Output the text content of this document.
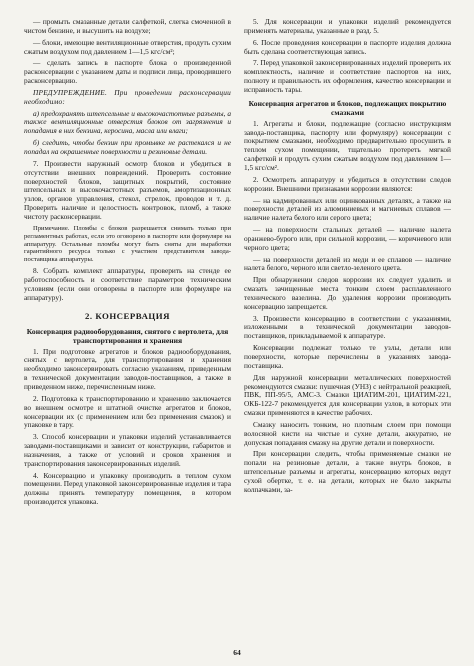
— промыть смазанные детали салфеткой, слегка смоченной в чистом бензине, и высушить на воздухе;

— блоки, имеющие вентиляционные отверстия, продуть сухим сжатым воздухом под давлением 1—1,5 кгс/см²;

— сделать запись в паспорте блока о произведенной расконсервации с указанием даты и подписи лица, проводившего расконсервацию.

ПРЕДУПРЕЖДЕНИЕ. При проведении расконсервации необходимо:

а) предохранять штепсельные и высокочастотные разъемы, а также вентиляционные отверстия блоков от загрязнения и попадания в них бензина, керосина, масла или влаги;

б) следить, чтобы бензин при промывке не растекался и не попадал на окрашенные поверхности и резиновые детали.

7. Произвести наружный осмотр блоков и убедиться в отсутствии внешних повреждений. Проверить состояние поверхностей блоков, защитных покрытий, состояние штепсельных и высокочастотных разъемов, амортизационных узлов, органов управления, стекол, стрелок, проводов и т. д. Проверить наличие и целостность контровок, пломб, а также чистоту расконсервации.

Примечание. Пломбы с блоков разрешается снимать только при регламентных работах, если это оговорено в паспорте или формуляре на аппаратуру. Остальные пломбы могут быть сняты для выработки гарантийного ресурса только с участием представителя завода-поставщика аппаратуры.

8. Собрать комплект аппаратуры, проверить на стенде ее работоспособность и соответствие параметров техническим условиям (если они оговорены в паспорте или формуляре на аппаратуру).

2. КОНСЕРВАЦИЯ
Консервация радиооборудования, снятого с вертолета, для транспортирования и хранения

1. При подготовке агрегатов и блоков радиооборудования, снятых с вертолета, для транспортирования и хранения необходимо законсервировать согласно указаниям, приведенным в технической документации заводов-поставщиков, а также в приведенном ниже, перечисленным ниже.

2. Подготовка к транспортированию и хранению заключается во внешнем осмотре и штатной очистке агрегатов и блоков, консервации их (с применением или без применения смазок) и упаковке в тару.

3. Способ консервации и упаковки изделий устанавливается заводами-поставщиками и зависит от конструкции, габаритов и назначения, а также от условий и сроков хранения и транспортирования законсервированных изделий.

4. Консервацию и упаковку производить в теплом сухом помещении. Перед упаковкой законсервированные изделия и тара должны принять температуру помещения, в котором производится упаковка.

5. Для консервации и упаковки изделий рекомендуется применять материалы, указанные в разд. 5.

6. После проведения консервации в паспорте изделия должна быть сделана соответствующая запись.

7. Перед упаковкой законсервированных изделий проверить их комплектность, наличие и соответствие паспортов на них, полноту и правильность их оформления, качество консервации и исправность тары.

Консервация агрегатов и блоков, подлежащих покрытию смазками

1. Агрегаты и блоки, подлежащие (согласно инструкциям завода-поставщика, паспорту или формуляру) консервации с покрытием смазками, необходимо предварительно просушить в теплом сухом помещении, тщательно протереть мягкой салфеткой и продуть сухим сжатым воздухом под давлением 1—1,5 кгс/см².

2. Осмотреть аппаратуру и убедиться в отсутствии следов коррозии. Внешними признаками коррозии являются:

— на кадмированных или оцинкованных деталях, а также на поверхности деталей из алюминиевых и магниевых сплавов — наличие налета белого или серого цвета;

— на поверхности стальных деталей — наличие налета оранжево-бурого или, при сильной коррозии, — коричневого или черного цвета;

— на поверхности деталей из меди и ее сплавов — наличие налета белого, черного или светло-зеленого цвета.

При обнаружении следов коррозии их следует удалить и смазать зачищенные места тонким слоем расплавленного технического вазелина. До удаления коррозии производить консервацию запрещается.

3. Произвести консервацию в соответствии с указаниями, изложенными в технической документации заводов-поставщиков, прикладываемой к аппаратуре.

Консервации подлежат только те узлы, детали или поверхности, которые перечислены в указаниях завода-поставщика.

Для наружной консервации металлических поверхностей рекомендуются смазки: пушечная (УНЗ) с нейтральной реакцией, ПВК, ПП-95/5, АМС-3. Смазки ЦИАТИМ-201, ЦИАТИМ-221, ОКБ-122-7 рекомендуется для консервации узлов, в которых эти смазки применяются в качестве рабочих.

Смазку наносить тонким, но плотным слоем при помощи волосяной кисти на чистые и сухие детали, аккуратно, не допуская попадания смазку на другие детали и поверхности.

При консервации следить, чтобы применяемые смазки не попали на резиновые детали, а также внутрь блоков, в штепсельные разъемы и агрегаты, консервацию которых ведут сухой обертке, т. е. на детали, которых не было закрыты колпачками, за-

64
